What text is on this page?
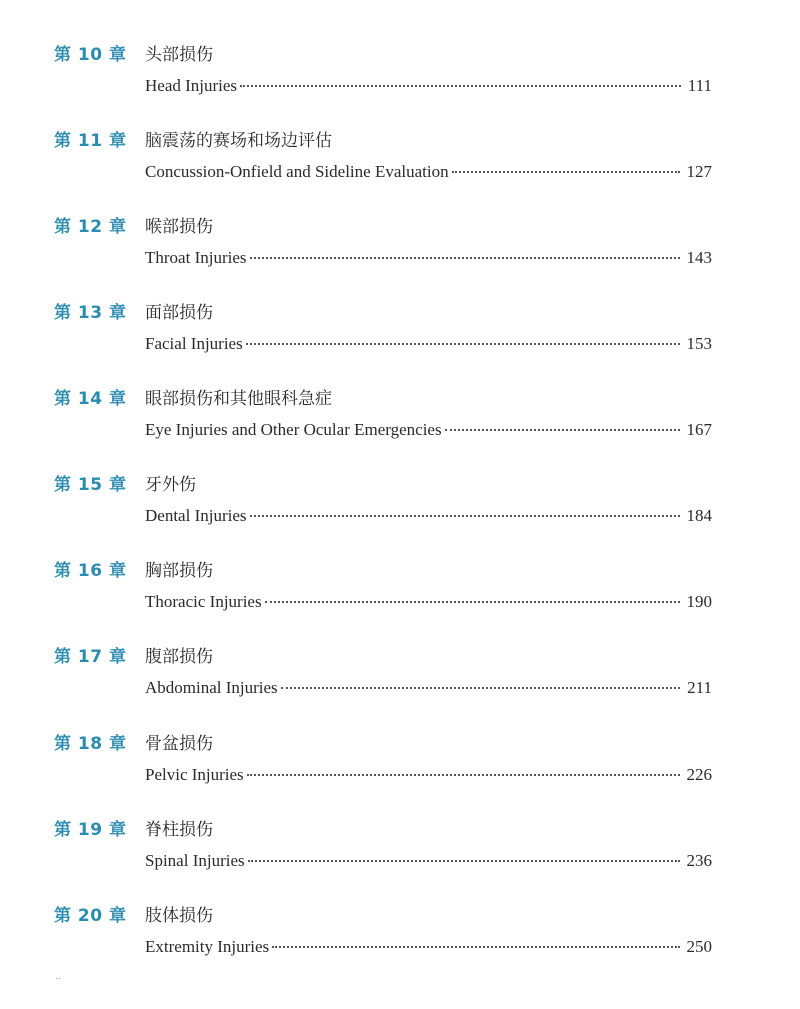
第 10 章 头部损伤
Head Injuries	111
第 11 章 脑震荡的赛场和场边评估
Concussion-Onfield and Sideline Evaluation	127
第 12 章 喉部损伤
Throat Injuries	143
第 13 章 面部损伤
Facial Injuries	153
第 14 章 眼部损伤和其他眼科急症
Eye Injuries and Other Ocular Emergencies	167
第 15 章 牙外伤
Dental Injuries	184
第 16 章 胸部损伤
Thoracic Injuries	190
第 17 章 腹部损伤
Abdominal Injuries	211
第 18 章 骨盆损伤
Pelvic Injuries	226
第 19 章 脊柱损伤
Spinal Injuries	236
第 20 章 肢体损伤
Extremity Injuries	250
..
